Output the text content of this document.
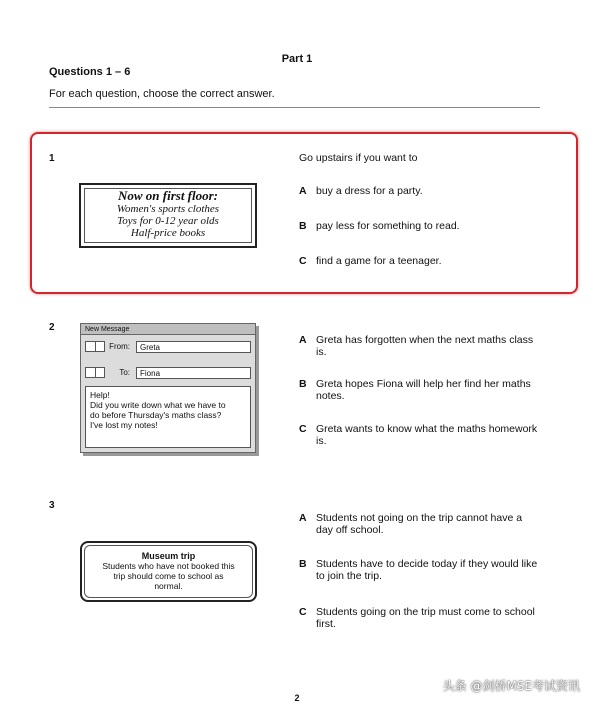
Part 1
Questions 1 – 6
For each question, choose the correct answer.
1
Now on first floor:
Women's sports clothes
Toys for 0-12 year olds
Half-price books
Go upstairs if you want to
A buy a dress for a party.
B pay less for something to read.
C find a game for a teenager.
2	New Message
From:	Greta
To:	Fiona
Help!
Did you write down what we have to
do before Thursday's maths class?
I've lost my notes!
A Greta has forgotten when the next maths class is.
B Greta hopes Fiona will help her find her maths notes.
C Greta wants to know what the maths homework is.
3
Museum trip
Students who have not booked this
trip should come to school as
normal.
A Students not going on the trip cannot have a day off school.
B Students have to decide today if they would like to join the trip.
C Students going on the trip must come to school first.
2
头条 @剑桥MSE考试资讯
